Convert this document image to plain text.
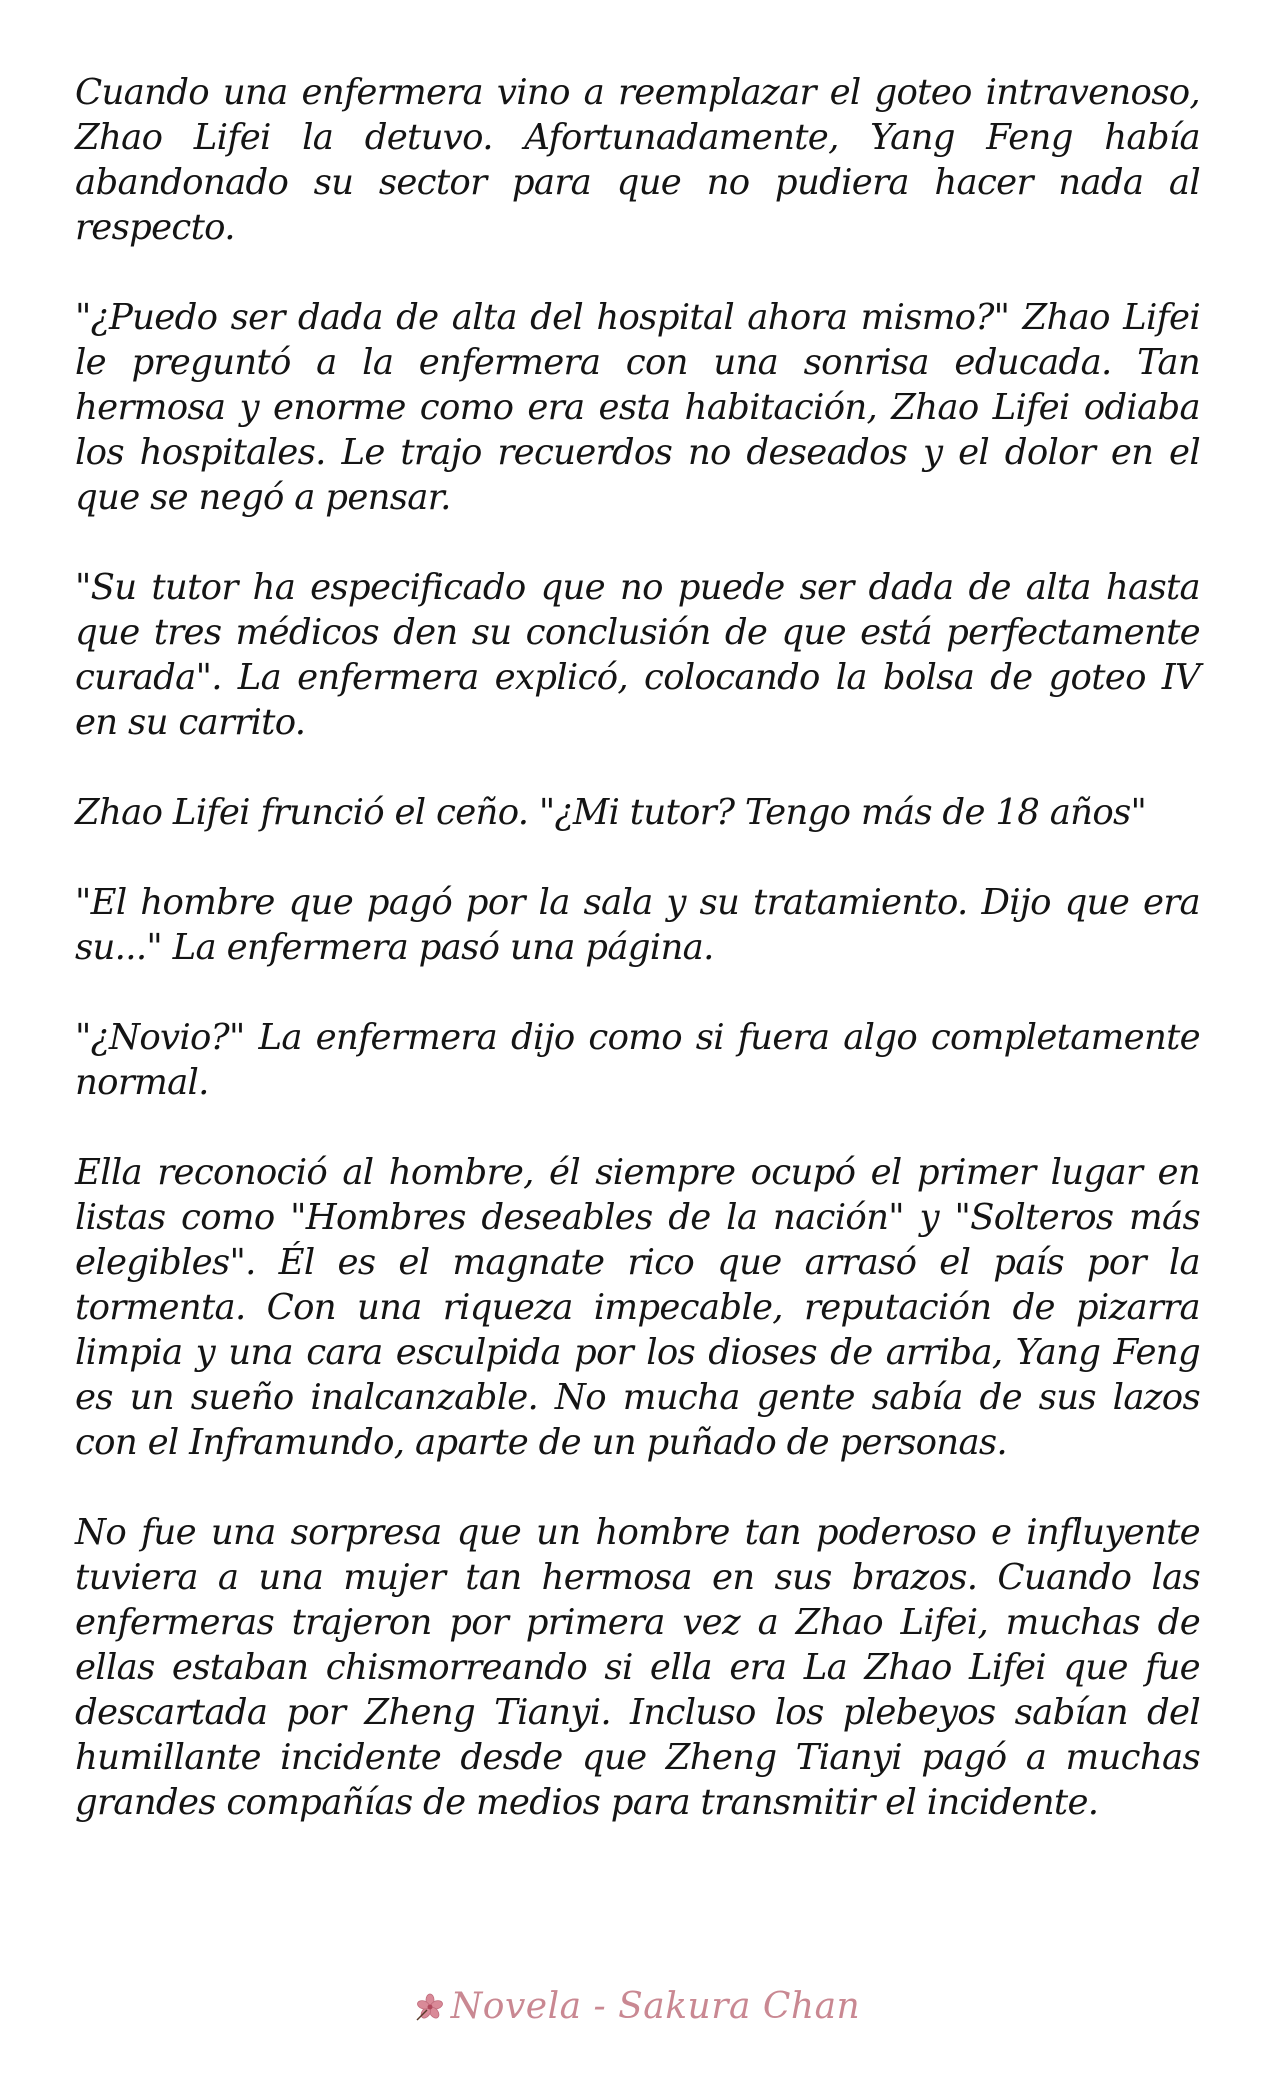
Cuando una enfermera vino a reemplazar el goteo intravenoso, Zhao Lifei la detuvo. Afortunadamente, Yang Feng había abandonado su sector para que no pudiera hacer nada al respecto.

"¿Puedo ser dada de alta del hospital ahora mismo?" Zhao Lifei le preguntó a la enfermera con una sonrisa educada. Tan hermosa y enorme como era esta habitación, Zhao Lifei odiaba los hospitales. Le trajo recuerdos no deseados y el dolor en el que se negó a pensar.

"Su tutor ha especificado que no puede ser dada de alta hasta que tres médicos den su conclusión de que está perfectamente curada". La enfermera explicó, colocando la bolsa de goteo IV en su carrito.

Zhao Lifei frunció el ceño. "¿Mi tutor? Tengo más de 18 años"

"El hombre que pagó por la sala y su tratamiento. Dijo que era su..." La enfermera pasó una página.

"¿Novio?" La enfermera dijo como si fuera algo completamente normal.

Ella reconoció al hombre, él siempre ocupó el primer lugar en listas como "Hombres deseables de la nación" y "Solteros más elegibles". Él es el magnate rico que arrasó el país por la tormenta. Con una riqueza impecable, reputación de pizarra limpia y una cara esculpida por los dioses de arriba, Yang Feng es un sueño inalcanzable. No mucha gente sabía de sus lazos con el Inframundo, aparte de un puñado de personas.

No fue una sorpresa que un hombre tan poderoso e influyente tuviera a una mujer tan hermosa en sus brazos. Cuando las enfermeras trajeron por primera vez a Zhao Lifei, muchas de ellas estaban chismorreando si ella era La Zhao Lifei que fue descartada por Zheng Tianyi. Incluso los plebeyos sabían del humillante incidente desde que Zheng Tianyi pagó a muchas grandes compañías de medios para transmitir el incidente.

Novela - Sakura Chan
